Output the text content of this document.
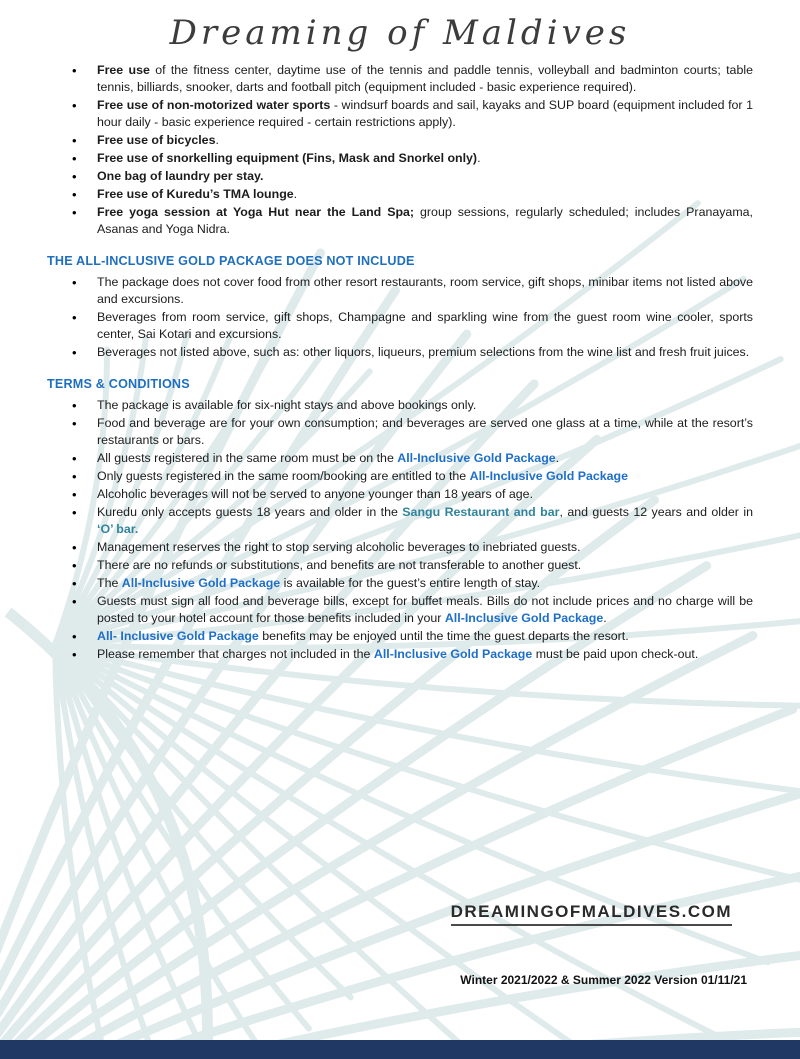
Dreaming of Maldives
• Free use of the fitness center, daytime use of the tennis and paddle tennis, volleyball and badminton courts; table tennis, billiards, snooker, darts and football pitch (equipment included - basic experience required).
• Free use of non-motorized water sports - windsurf boards and sail, kayaks and SUP board (equipment included for 1 hour daily - basic experience required - certain restrictions apply).
• Free use of bicycles.
• Free use of snorkelling equipment (Fins, Mask and Snorkel only).
• One bag of laundry per stay.
• Free use of Kuredu’s TMA lounge.
• Free yoga session at Yoga Hut near the Land Spa; group sessions, regularly scheduled; includes Pranayama, Asanas and Yoga Nidra.
THE ALL-INCLUSIVE GOLD PACKAGE DOES NOT INCLUDE
• The package does not cover food from other resort restaurants, room service, gift shops, minibar items not listed above and excursions.
• Beverages from room service, gift shops, Champagne and sparkling wine from the guest room wine cooler, sports center, Sai Kotari and excursions.
• Beverages not listed above, such as: other liquors, liqueurs, premium selections from the wine list and fresh fruit juices.
TERMS & CONDITIONS
• The package is available for six-night stays and above bookings only.
• Food and beverage are for your own consumption; and beverages are served one glass at a time, while at the resort’s restaurants or bars.
• All guests registered in the same room must be on the All-Inclusive Gold Package.
• Only guests registered in the same room/booking are entitled to the All-Inclusive Gold Package
• Alcoholic beverages will not be served to anyone younger than 18 years of age.
• Kuredu only accepts guests 18 years and older in the Sangu Restaurant and bar, and guests 12 years and older in ‘O’ bar.
• Management reserves the right to stop serving alcoholic beverages to inebriated guests.
• There are no refunds or substitutions, and benefits are not transferable to another guest.
• The All-Inclusive Gold Package is available for the guest’s entire length of stay.
• Guests must sign all food and beverage bills, except for buffet meals. Bills do not include prices and no charge will be posted to your hotel account for those benefits included in your All-Inclusive Gold Package.
• All- Inclusive Gold Package benefits may be enjoyed until the time the guest departs the resort.
• Please remember that charges not included in the All-Inclusive Gold Package must be paid upon check-out.
DREAMINGOFMALDIVES.COM
Winter 2021/2022 & Summer 2022 Version 01/11/21
